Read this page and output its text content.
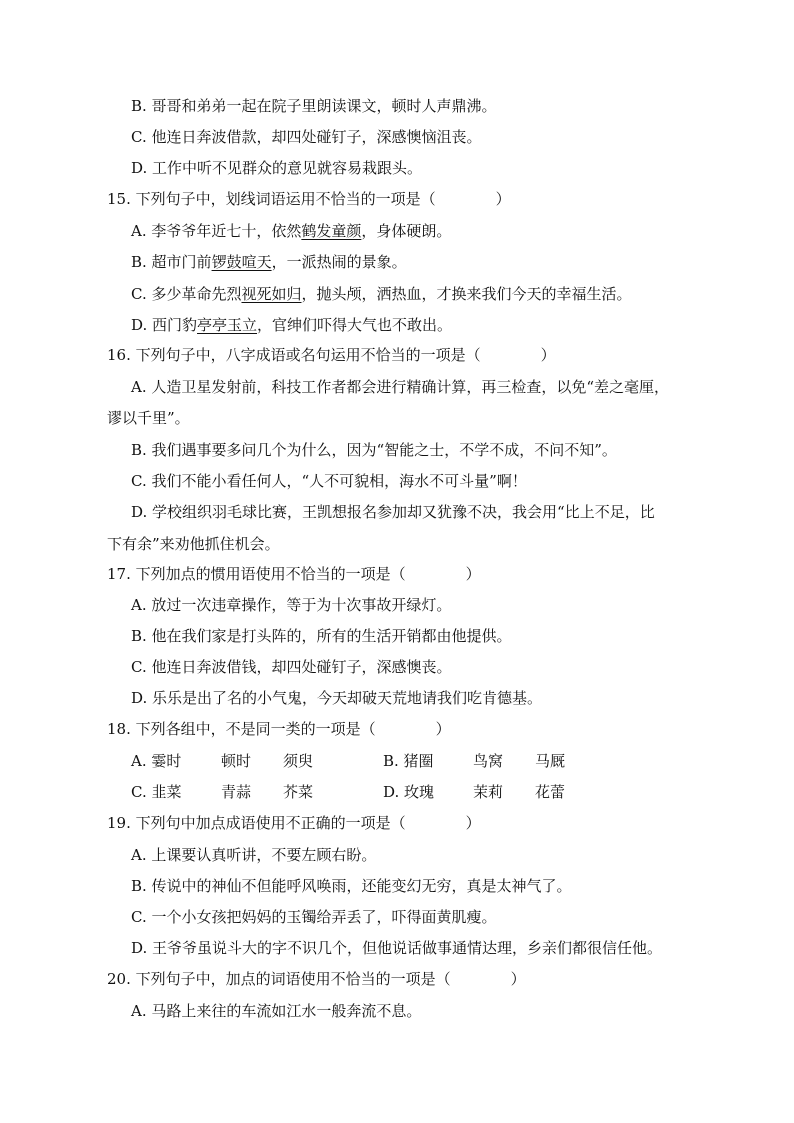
B. 哥哥和弟弟一起在院子里朗读课文，顿时人声鼎沸。
C. 他连日奔波借款，却四处碰钉子，深感懊恼沮丧。
D. 工作中听不见群众的意见就容易栽跟头。
15. 下列句子中，划线词语运用不恰当的一项是（　　　　）
A. 李爷爷年近七十，依然鹤发童颜，身体硬朗。
B. 超市门前锣鼓喧天，一派热闹的景象。
C. 多少革命先烈视死如归，抛头颅，洒热血，才换来我们今天的幸福生活。
D. 西门豹亭亭玉立，官绅们吓得大气也不敢出。
16. 下列句子中，八字成语或名句运用不恰当的一项是（　　　　）
A. 人造卫星发射前，科技工作者都会进行精确计算，再三检查，以免“差之毫厘，
谬以千里”。
B. 我们遇事要多问几个为什么，因为“智能之士，不学不成，不问不知”。
C. 我们不能小看任何人，“人不可貌相，海水不可斗量”啊！
D. 学校组织羽毛球比赛，王凯想报名参加却又犹豫不决，我会用“比上不足，比
下有余”来劝他抓住机会。
17. 下列加点的惯用语使用不恰当的一项是（　　　　）
A. 放过一次违章操作，等于为十次事故开绿灯。
B. 他在我们家是打头阵的，所有的生活开销都由他提供。
C. 他连日奔波借钱，却四处碰钉子，深感懊丧。
D. 乐乐是出了名的小气鬼，今天却破天荒地请我们吃肯德基。
18. 下列各组中，不是同一类的一项是（　　　　）
A. 霎时	顿时 须臾	B. 猪圈	鸟窝 马厩
C. 韭菜	青蒜 芥菜	D. 玫瑰	茉莉 花蕾
19. 下列句中加点成语使用不正确的一项是（　　　　）
A. 上课要认真听讲，不要左顾右盼。
B. 传说中的神仙不但能呼风唤雨，还能变幻无穷，真是太神气了。
C. 一个小女孩把妈妈的玉镯给弄丢了，吓得面黄肌瘦。
D. 王爷爷虽说斗大的字不识几个，但他说话做事通情达理，乡亲们都很信任他。
20. 下列句子中，加点的词语使用不恰当的一项是（　　　　）
A. 马路上来往的车流如江水一般奔流不息。
